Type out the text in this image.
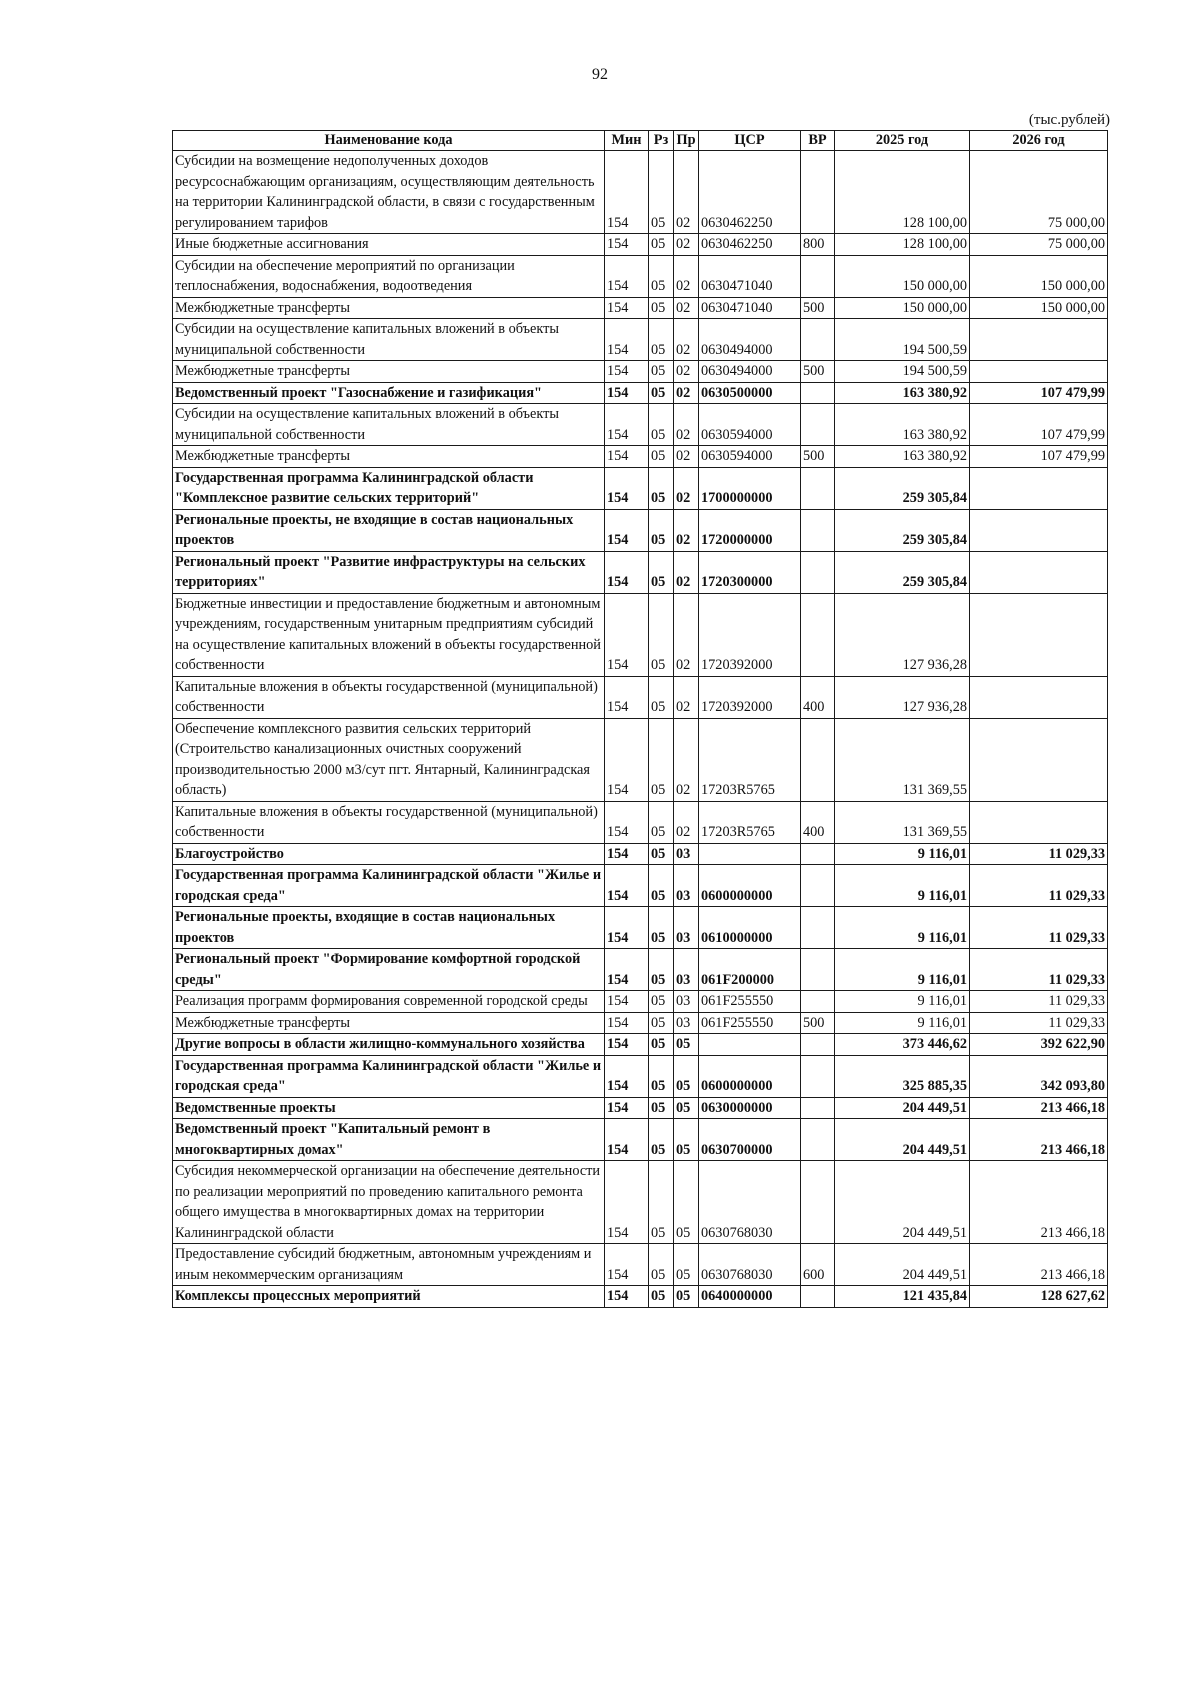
92
(тыс.рублей)
Наименование кода	Мин	Рз	Пр	ЦСР	ВР	2025 год	2026 год
Субсидии на возмещение недополученных доходов ресурсоснабжающим организациям, осуществляющим деятельность на территории Калининградской области, в связи с государственным регулированием тарифов	154	05	02	0630462250		128 100,00	75 000,00
Иные бюджетные ассигнования	154	05	02	0630462250	800	128 100,00	75 000,00
Субсидии на обеспечение мероприятий по организации теплоснабжения, водоснабжения, водоотведения	154	05	02	0630471040		150 000,00	150 000,00
Межбюджетные трансферты	154	05	02	0630471040	500	150 000,00	150 000,00
Субсидии на осуществление капитальных вложений в объекты муниципальной собственности	154	05	02	0630494000		194 500,59	
Межбюджетные трансферты	154	05	02	0630494000	500	194 500,59	
Ведомственный проект "Газоснабжение и газификация"	154	05	02	0630500000		163 380,92	107 479,99
Субсидии на осуществление капитальных вложений в объекты муниципальной собственности	154	05	02	0630594000		163 380,92	107 479,99
Межбюджетные трансферты	154	05	02	0630594000	500	163 380,92	107 479,99
Государственная программа Калининградской области "Комплексное развитие сельских территорий"	154	05	02	1700000000		259 305,84	
Региональные проекты, не входящие в состав национальных проектов	154	05	02	1720000000		259 305,84	
Региональный проект "Развитие инфраструктуры на сельских территориях"	154	05	02	1720300000		259 305,84	
Бюджетные инвестиции и предоставление бюджетным и автономным учреждениям, государственным унитарным предприятиям субсидий на осуществление капитальных вложений в объекты государственной собственности	154	05	02	1720392000		127 936,28	
Капитальные вложения в объекты государственной (муниципальной) собственности	154	05	02	1720392000	400	127 936,28	
Обеспечение комплексного развития сельских территорий (Строительство канализационных очистных сооружений производительностью 2000 м3/сут пгт. Янтарный, Калининградская область)	154	05	02	17203R5765		131 369,55	
Капитальные вложения в объекты государственной (муниципальной) собственности	154	05	02	17203R5765	400	131 369,55	
Благоустройство	154	05	03			9 116,01	11 029,33
Государственная программа Калининградской области "Жилье и городская среда"	154	05	03	0600000000		9 116,01	11 029,33
Региональные проекты, входящие в состав национальных проектов	154	05	03	0610000000		9 116,01	11 029,33
Региональный проект "Формирование комфортной городской среды"	154	05	03	061F200000		9 116,01	11 029,33
Реализация программ формирования современной городской среды	154	05	03	061F255550		9 116,01	11 029,33
Межбюджетные трансферты	154	05	03	061F255550	500	9 116,01	11 029,33
Другие вопросы в области жилищно-коммунального хозяйства	154	05	05			373 446,62	392 622,90
Государственная программа Калининградской области "Жилье и городская среда"	154	05	05	0600000000		325 885,35	342 093,80
Ведомственные проекты	154	05	05	0630000000		204 449,51	213 466,18
Ведомственный проект "Капитальный ремонт в многоквартирных домах"	154	05	05	0630700000		204 449,51	213 466,18
Субсидия некоммерческой организации на обеспечение деятельности по реализации мероприятий по проведению капитального ремонта общего имущества в многоквартирных домах на территории Калининградской области	154	05	05	0630768030		204 449,51	213 466,18
Предоставление субсидий бюджетным, автономным учреждениям и иным некоммерческим организациям	154	05	05	0630768030	600	204 449,51	213 466,18
Комплексы процессных мероприятий	154	05	05	0640000000		121 435,84	128 627,62
